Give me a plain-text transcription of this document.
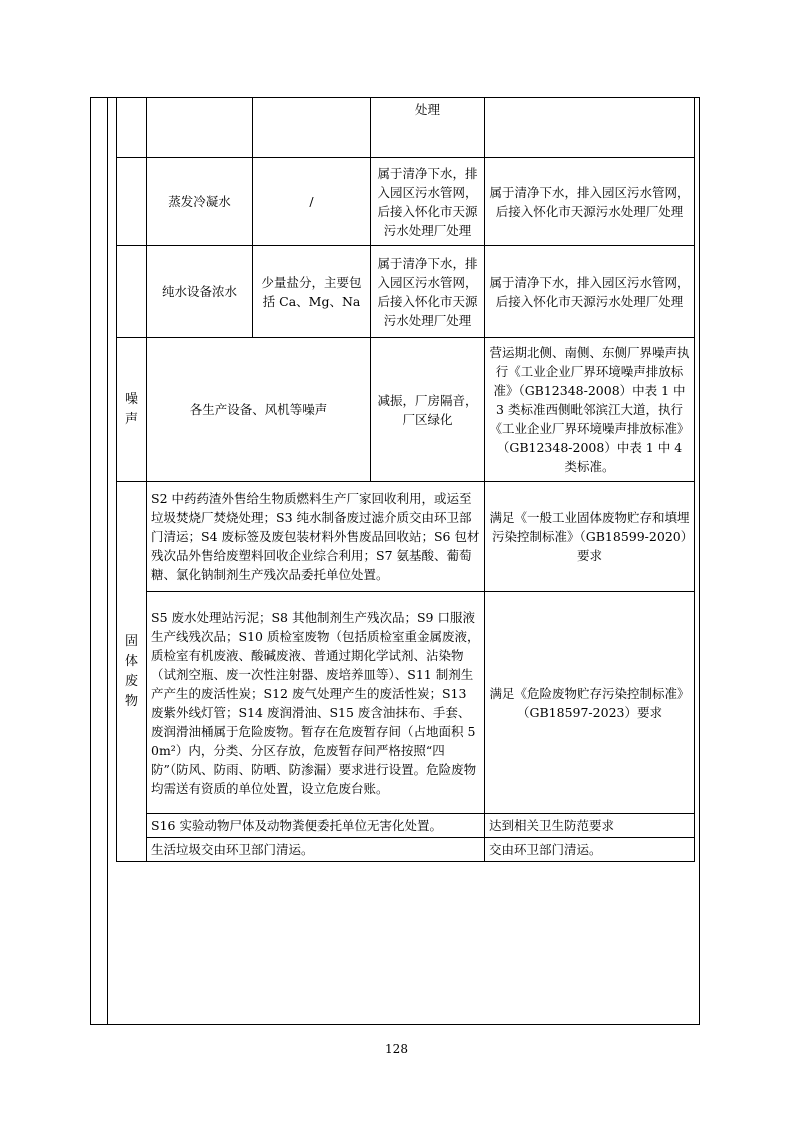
			处理	
	蒸发冷凝水	/	属于清净下水，排入园区污水管网，后接入怀化市天源污水处理厂处理	属于清净下水，排入园区污水管网，后接入怀化市天源污水处理厂处理
	纯水设备浓水	少量盐分，主要包括 Ca、Mg、Na	属于清净下水，排入园区污水管网，后接入怀化市天源污水处理厂处理	属于清净下水，排入园区污水管网，后接入怀化市天源污水处理厂处理
噪声	各生产设备、风机等噪声		减振，厂房隔音，厂区绿化	营运期北侧、南侧、东侧厂界噪声执行《工业企业厂界环境噪声排放标准》（GB12348-2008）中表 1 中 3 类标准西侧毗邻滨江大道，执行《工业企业厂界环境噪声排放标准》（GB12348-2008）中表 1 中 4 类标准。
固体废物	S2 中药药渣外售给生物质燃料生产厂家回收利用，或运至垃圾焚烧厂焚烧处理；S3 纯水制备废过滤介质交由环卫部门清运；S4 废标签及废包装材料外售废品回收站；S6 包材残次品外售给废塑料回收企业综合利用；S7 氨基酸、葡萄糖、氯化钠制剂生产残次品委托单位处置。			满足《一般工业固体废物贮存和填埋污染控制标准》（GB18599-2020）要求
	S5 废水处理站污泥；S8 其他制剂生产残次品；S9 口服液生产线残次品；S10 质检室废物（包括质检室重金属废液，质检室有机废液、酸碱废液、普通过期化学试剂、沾染物（试剂空瓶、废一次性注射器、废培养皿等）、S11 制剂生产产生的废活性炭；S12 废气处理产生的废活性炭；S13 废紫外线灯管；S14 废润滑油、S15 废含油抹布、手套、废润滑油桶属于危险废物。暂存在危废暂存间（占地面积 50m²）内，分类、分区存放，危废暂存间严格按照“四防”（防风、防雨、防晒、防渗漏）要求进行设置。危险废物均需送有资质的单位处置，设立危废台账。			满足《危险废物贮存污染控制标准》（GB18597-2023）要求
	S16 实验动物尸体及动物粪便委托单位无害化处置。			达到相关卫生防范要求
	生活垃圾交由环卫部门清运。			交由环卫部门清运。
128
